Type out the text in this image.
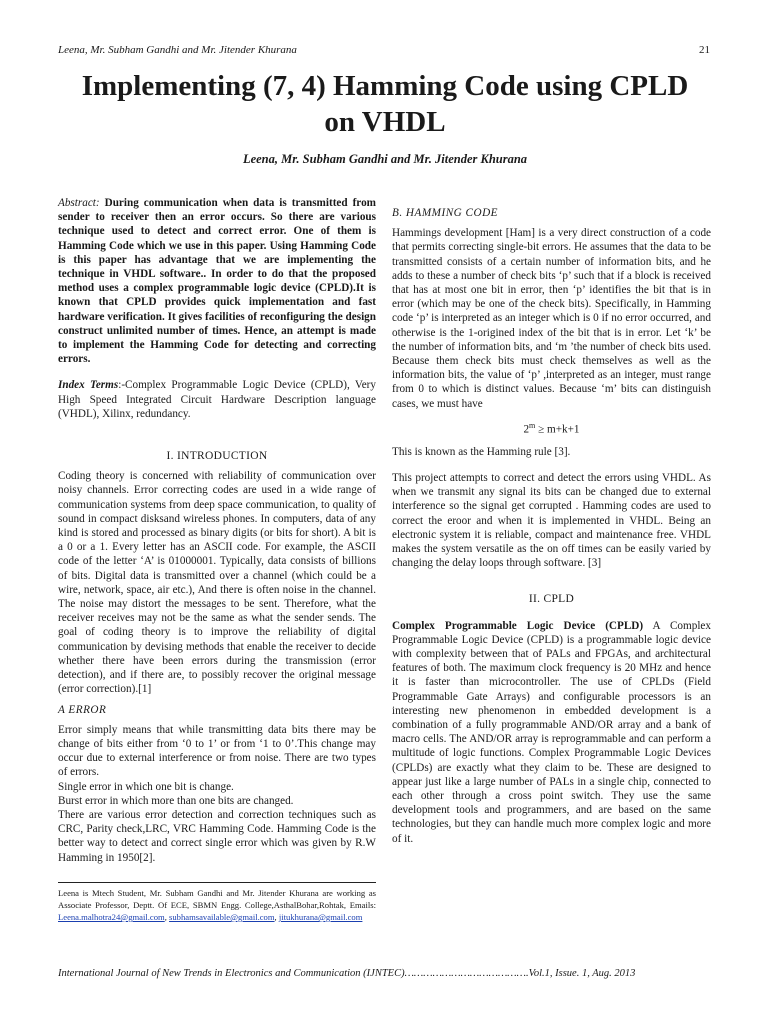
Leena, Mr. Subham Gandhi and Mr. Jitender Khurana	21
Implementing (7, 4) Hamming Code using CPLD
on VHDL
Leena, Mr. Subham Gandhi and Mr. Jitender Khurana

Abstract: During communication when data is transmitted from sender to receiver then an error occurs. So there are various technique used to detect and correct error. One of them is Hamming Code which we use in this paper. Using Hamming Code is this paper has advantage that we are implementing the technique in VHDL software.. In order to do that the proposed method uses a complex programmable logic device (CPLD).It is known that CPLD provides quick implementation and fast hardware verification. It gives facilities of reconfiguring the design construct unlimited number of times. Hence, an attempt is made to implement the Hamming Code for detecting and correcting errors.

Index Terms:-Complex Programmable Logic Device (CPLD), Very High Speed Integrated Circuit Hardware Description language (VHDL), Xilinx, redundancy.

I. INTRODUCTION

Coding theory is concerned with reliability of communication over noisy channels. Error correcting codes are used in a wide range of communication systems from deep space communication, to quality of sound in compact disksand wireless phones. In computers, data of any kind is stored and processed as binary digits (or bits for short). A bit is a 0 or a 1. Every letter has an ASCII code. For example, the ASCII code of the letter ‘A’ is 01000001. Typically, data consists of billions of bits. Digital data is transmitted over a channel (which could be a wire, network, space, air etc.), And there is often noise in the channel. The noise may distort the messages to be sent. Therefore, what the receiver receives may not be the same as what the sender sends. The goal of coding theory is to improve the reliability of digital communication by devising methods that enable the receiver to decide whether there have been errors during the transmission (error detection), and if there are, to possibly recover the original message (error correction).[1]

A ERROR

Error simply means that while transmitting data bits there may be change of bits either from ‘0 to 1’ or from ‘1 to 0’.This change may occur due to external interference or from noise. There are two types of errors.

Single error in which one bit is change.

Burst error in which more than one bits are changed.

There are various error detection and correction techniques such as CRC, Parity check,LRC, VRC Hamming Code. Hamming Code is the better way to detect and correct single error which was given by R.W Hamming in 1950[2].

Leena is Mtech Student, Mr. Subham Gandhi and Mr. Jitender Khurana are working as Associate Professor, Deptt. Of ECE, SBMN Engg. College,AsthalBohar,Rohtak, Emails: Leena.malhotra24@gmail.com, subhamsavailable@gmail.com, jitukhurana@gmail.com

B. HAMMING CODE

Hammings development [Ham] is a very direct construction of a code that permits correcting single-bit errors. He assumes that the data to be transmitted consists of a certain number of information bits, and he adds to these a number of check bits ‘p’ such that if a block is received that has at most one bit in error, then ‘p’ identifies the bit that is in error (which may be one of the check bits). Specifically, in Hamming code ‘p’ is interpreted as an integer which is 0 if no error occurred, and otherwise is the 1-origined index of the bit that is in error. Let ‘k’ be the number of information bits, and ‘m ’the number of check bits used. Because them check bits must check themselves as well as the information bits, the value of ‘p’ ,interpreted as an integer, must range from 0 to which is distinct values. Because ‘m’ bits can distinguish cases, we must have

$2^m \ge m+k+1$

This is known as the Hamming rule [3].

This project attempts to correct and detect the errors using VHDL. As when we transmit any signal its bits can be changed due to external interference so the signal get corrupted . Hamming codes are used to correct the eroor and when it is implemented in VHDL. Being an electronic system it is reliable, compact and maintenance free. VHDL makes the system versatile as the on off times can be easily varied by changing the delay loops through software. [3]

II. CPLD

Complex Programmable Logic Device (CPLD) A Complex Programmable Logic Device (CPLD) is a programmable logic device with complexity between that of PALs and FPGAs, and architectural features of both. The maximum clock frequency is 20 MHz and hence it is faster than microcontroller. The use of CPLDs (Field Programmable Gate Arrays) and configurable processors is an interesting new phenomenon in embedded development is a combination of a fully programmable AND/OR array and a bank of macro cells. The AND/OR array is reprogrammable and can perform a multitude of logic functions. Complex Programmable Logic Devices (CPLDs) are exactly what they claim to be. These are designed to appear just like a large number of PALs in a single chip, connected to each other through a cross point switch. They use the same development tools and programmers, and are based on the same technologies, but they can handle much more complex logic and more of it.

International Journal of New Trends in Electronics and Communication (IJNTEC)………………………………….Vol.1, Issue. 1, Aug. 2013
